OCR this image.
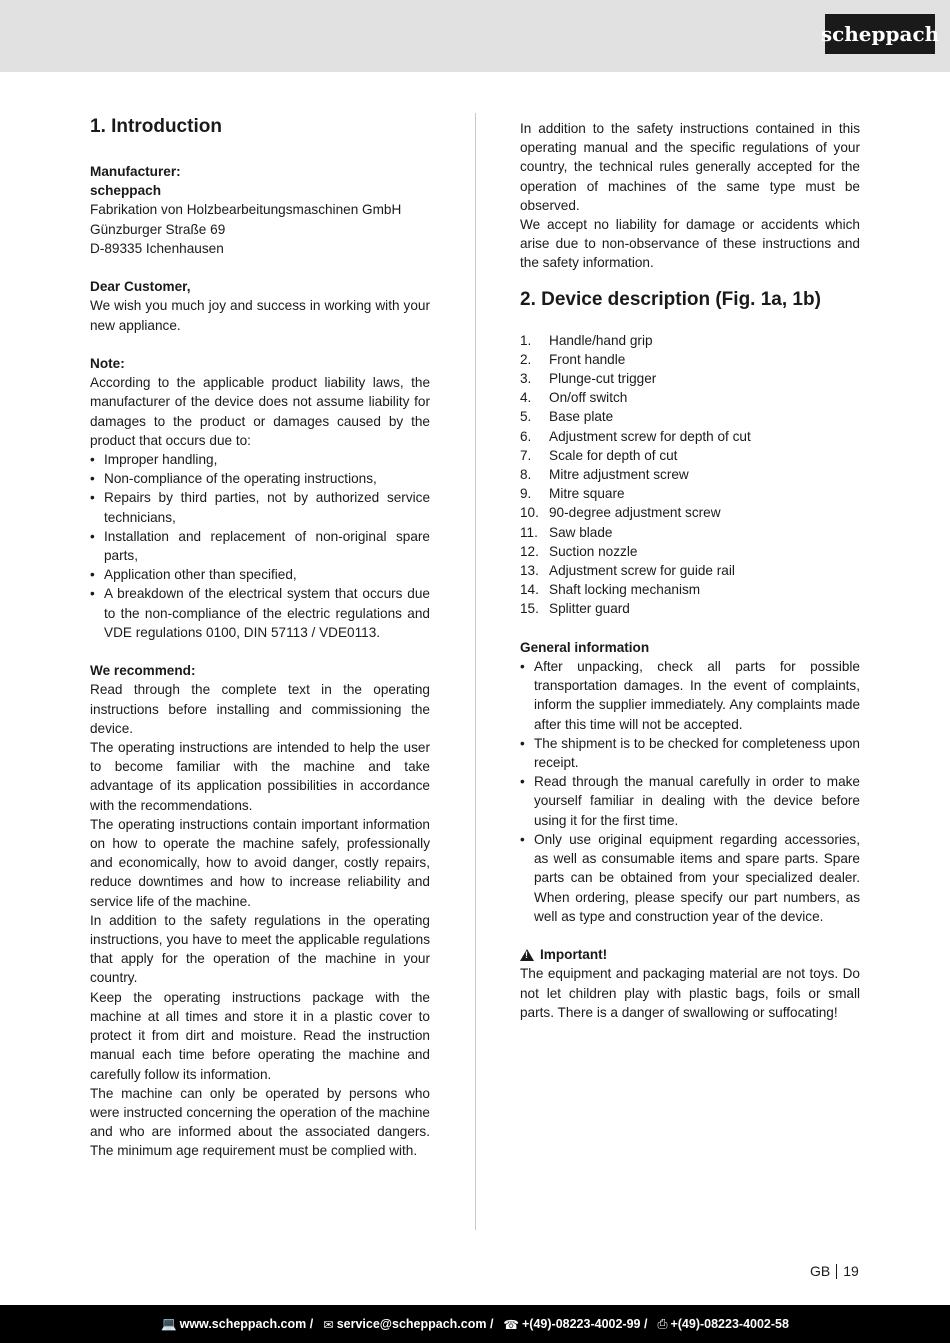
scheppach
1. Introduction
Manufacturer:
scheppach
Fabrikation von Holzbearbeitungsmaschinen GmbH
Günzburger Straße 69
D-89335 Ichenhausen
Dear Customer,

We wish you much joy and success in working with your new appliance.

Note:

According to the applicable product liability laws, the manufacturer of the device does not assume liability for damages to the product or damages caused by the product that occurs due to:

• Improper handling,
• Non-compliance of the operating instructions,
• Repairs by third parties, not by authorized service technicians,
• Installation and replacement of non-original spare parts,
• Application other than specified,
• A breakdown of the electrical system that occurs due to the non-compliance of the electric regulations and VDE regulations 0100, DIN 57113 / VDE0113.
We recommend:

Read through the complete text in the operating instructions before installing and commissioning the device.

The operating instructions are intended to help the user to become familiar with the machine and take advantage of its application possibilities in accordance with the recommendations.

The operating instructions contain important information on how to operate the machine safely, professionally and economically, how to avoid danger, costly repairs, reduce downtimes and how to increase reliability and service life of the machine.

In addition to the safety regulations in the operating instructions, you have to meet the applicable regulations that apply for the operation of the machine in your country.

Keep the operating instructions package with the machine at all times and store it in a plastic cover to protect it from dirt and moisture. Read the instruction manual each time before operating the machine and carefully follow its information.

The machine can only be operated by persons who were instructed concerning the operation of the machine and who are informed about the associated dangers. The minimum age requirement must be complied with.

In addition to the safety instructions contained in this operating manual and the specific regulations of your country, the technical rules generally accepted for the operation of machines of the same type must be observed.

We accept no liability for damage or accidents which arise due to non-observance of these instructions and the safety information.

2. Device description (Fig. 1a, 1b)
1.	Handle/hand grip
2.	Front handle
3.	Plunge-cut trigger
4.	On/off switch
5.	Base plate
6.	Adjustment screw for depth of cut
7.	Scale for depth of cut
8.	Mitre adjustment screw
9.	Mitre square
10. 90-degree adjustment screw
11. Saw blade
12. Suction nozzle
13. Adjustment screw for guide rail
14. Shaft locking mechanism
15. Splitter guard
General information
• After unpacking, check all parts for possible transportation damages. In the event of complaints, inform the supplier immediately. Any complaints made after this time will not be accepted.
• The shipment is to be checked for completeness upon receipt.
• Read through the manual carefully in order to make yourself familiar in dealing with the device before using it for the first time.
• Only use original equipment regarding accessories, as well as consumable items and spare parts. Spare parts can be obtained from your specialized dealer. When ordering, please specify our part numbers, as well as type and construction year of the device.
!
Important!

The equipment and packaging material are not toys. Do not let children play with plastic bags, foils or small parts. There is a danger of swallowing or suffocating!

GB 19
💻 www.scheppach.com / ✉ service@scheppach.com / ☎ +(49)-08223-4002-99 / ⎙ +(49)-08223-4002-58
